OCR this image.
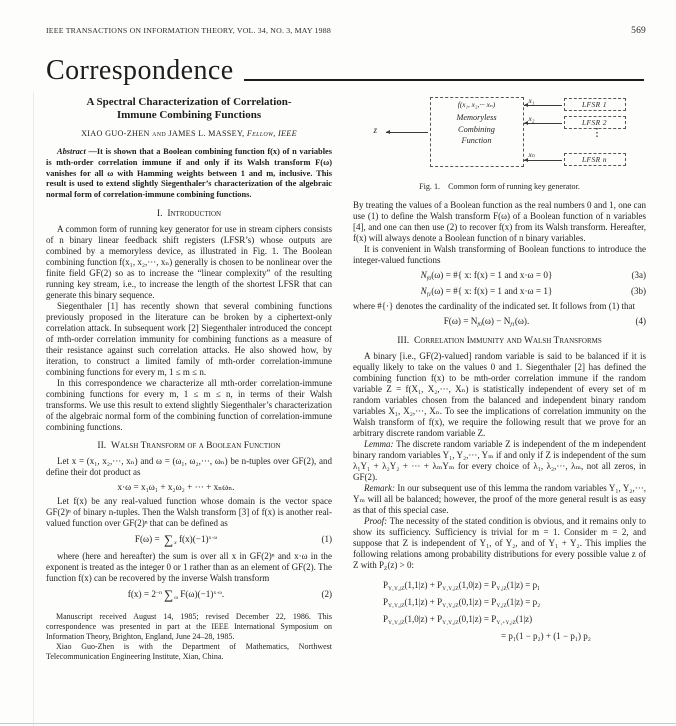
IEEE TRANSACTIONS ON INFORMATION THEORY, VOL. 34, NO. 3, MAY 1988	569
Correspondence

A Spectral Characterization of Correlation-Immune Combining Functions

XIAO GUO-ZHEN and JAMES L. MASSEY, Fellow, IEEE

Abstract —It is shown that a Boolean combining function f(x) of n variables is mth-order correlation immune if and only if its Walsh transform F(ω) vanishes for all ω with Hamming weights between 1 and m, inclusive. This result is used to extend slightly Siegenthaler’s characterization of the algebraic normal form of correlation-immune combining functions.

I. Introduction

A common form of running key generator for use in stream ciphers consists of n binary linear feedback shift registers (LFSR’s) whose outputs are combined by a memoryless device, as illustrated in Fig. 1. The Boolean combining function f(x₁, x₂,···, xₙ) generally is chosen to be nonlinear over the finite field GF(2) so as to increase the “linear complexity” of the resulting running key stream, i.e., to increase the length of the shortest LFSR that can generate this binary sequence.

Siegenthaler [1] has recently shown that several combining functions previously proposed in the literature can be broken by a ciphertext-only correlation attack. In subsequent work [2] Siegenthaler introduced the concept of mth-order correlation immunity for combining functions as a measure of their resistance against such correlation attacks. He also showed how, by iteration, to construct a limited family of mth-order correlation-immune combining functions for every m, 1 ≤ m ≤ n.

In this correspondence we characterize all mth-order correlation-immune combining functions for every m, 1 ≤ m ≤ n, in terms of their Walsh transforms. We use this result to extend slightly Siegenthaler’s characterization of the algebraic normal form of the combining function of correlation-immune combining functions.

II. Walsh Transform of a Boolean Function

Let x = (x₁, x₂,···, xₙ) and ω = (ω₁, ω₂,···, ωₙ) be n-tuples over GF(2), and define their dot product as

x·ω = x₁ω₁ + x₂ω₂ + ··· + xₙωₙ.

Let f(x) be any real-valued function whose domain is the vector space GF(2)ⁿ of binary n-tuples. Then the Walsh transform [3] of f(x) is another real-valued function over GF(2)ⁿ that can be defined as

$F(\omega) = \sum_x$ $f(x)(-1)^{x\cdot\omega}$	(1)

where (here and hereafter) the sum is over all x in GF(2)ⁿ and x·ω in the exponent is treated as the integer 0 or 1 rather than as an element of GF(2). The function f(x) can be recovered by the inverse Walsh transform

$f(x) = 2^{-n}$ $\sum_\omega$ $F(\omega)(-1)^{x\cdot\omega}$.	(2)

Manuscript received August 14, 1985; revised December 22, 1986. This correspondence was presented in part at the IEEE International Symposium on Information Theory, Brighton, England, June 24–28, 1985.

Xiao Guo-Zhen is with the Department of Mathematics, Northwest Telecommunication Engineering Institute, Xian, China.

z
f(x₁, x₂,··· xₙ)
Memoryless
Combining
Function
x₁	LFSR 1
x₂	LFSR 2
⋮
xₙ
LFSR n
Fig. 1. Common form of running key generator.

By treating the values of a Boolean function as the real numbers 0 and 1, one can use (1) to define the Walsh transform F(ω) of a Boolean function of n variables [4], and one can then use (2) to recover f(x) from its Walsh transform. Hereafter, f(x) will always denote a Boolean function of n binary variables.

It is convenient in Walsh transforming of Boolean functions to introduce the integer-valued functions

$N_{f0}(\omega)$ = #{ x: f(x) = 1 and x·ω = 0}	(3a)
$N_{f1}(\omega)$ = #{ x: f(x) = 1 and x·ω = 1}	(3b)

where #{·} denotes the cardinality of the indicated set. It follows from (1) that

$F(\omega) = N_{f0}(\omega) - N_{f1}(\omega)$.	(4)

III. Correlation Immunity and Walsh Transforms

A binary [i.e., GF(2)-valued] random variable is said to be balanced if it is equally likely to take on the values 0 and 1. Siegenthaler [2] has defined the combining function f(x) to be mth-order correlation immune if the random variable Z = f(X₁, X₂,···, Xₙ) is statistically independent of every set of m random variables chosen from the balanced and independent binary random variables X₁, X₂,···, Xₙ. To see the implications of correlation immunity on the Walsh transform of f(x), we require the following result that we prove for an arbitrary discrete random variable Z.

Lemma: The discrete random variable Z is independent of the m independent binary random variables Y₁, Y₂,···, Yₘ if and only if Z is independent of the sum λ₁Y₁ + λ₂Y₂ + ··· + λₘYₘ for every choice of λ₁, λ₂,···, λₘ, not all zeros, in GF(2).

Remark: In our subsequent use of this lemma the random variables Y₁, Y₂,···, Yₘ will all be balanced; however, the proof of the more general result is as easy as that of this special case.

Proof: The necessity of the stated condition is obvious, and it remains only to show its sufficiency. Sufficiency is trivial for m = 1. Consider m = 2, and suppose that Z is independent of Y₁, of Y₂, and of Y₁ + Y₂. This implies the following relations among probability distributions for every possible value z of Z with $P_Z(z) > 0$:

$P_{Y_1Y_2|Z}(1,1|z) + P_{Y_1Y_2|Z}(1,0|z) = P_{Y_1|Z}(1|z) = p_1$
$P_{Y_1Y_2|Z}(1,1|z) + P_{Y_1Y_2|Z}(0,1|z) = P_{Y_2|Z}(1|z) = p_2$
$P_{Y_1Y_2|Z}(1,0|z) + P_{Y_1Y_2|Z}(0,1|z) = P_{Y_1+Y_2|Z}(1|z)$
= p₁(1 − p₂) + (1 − p₁) p₂
